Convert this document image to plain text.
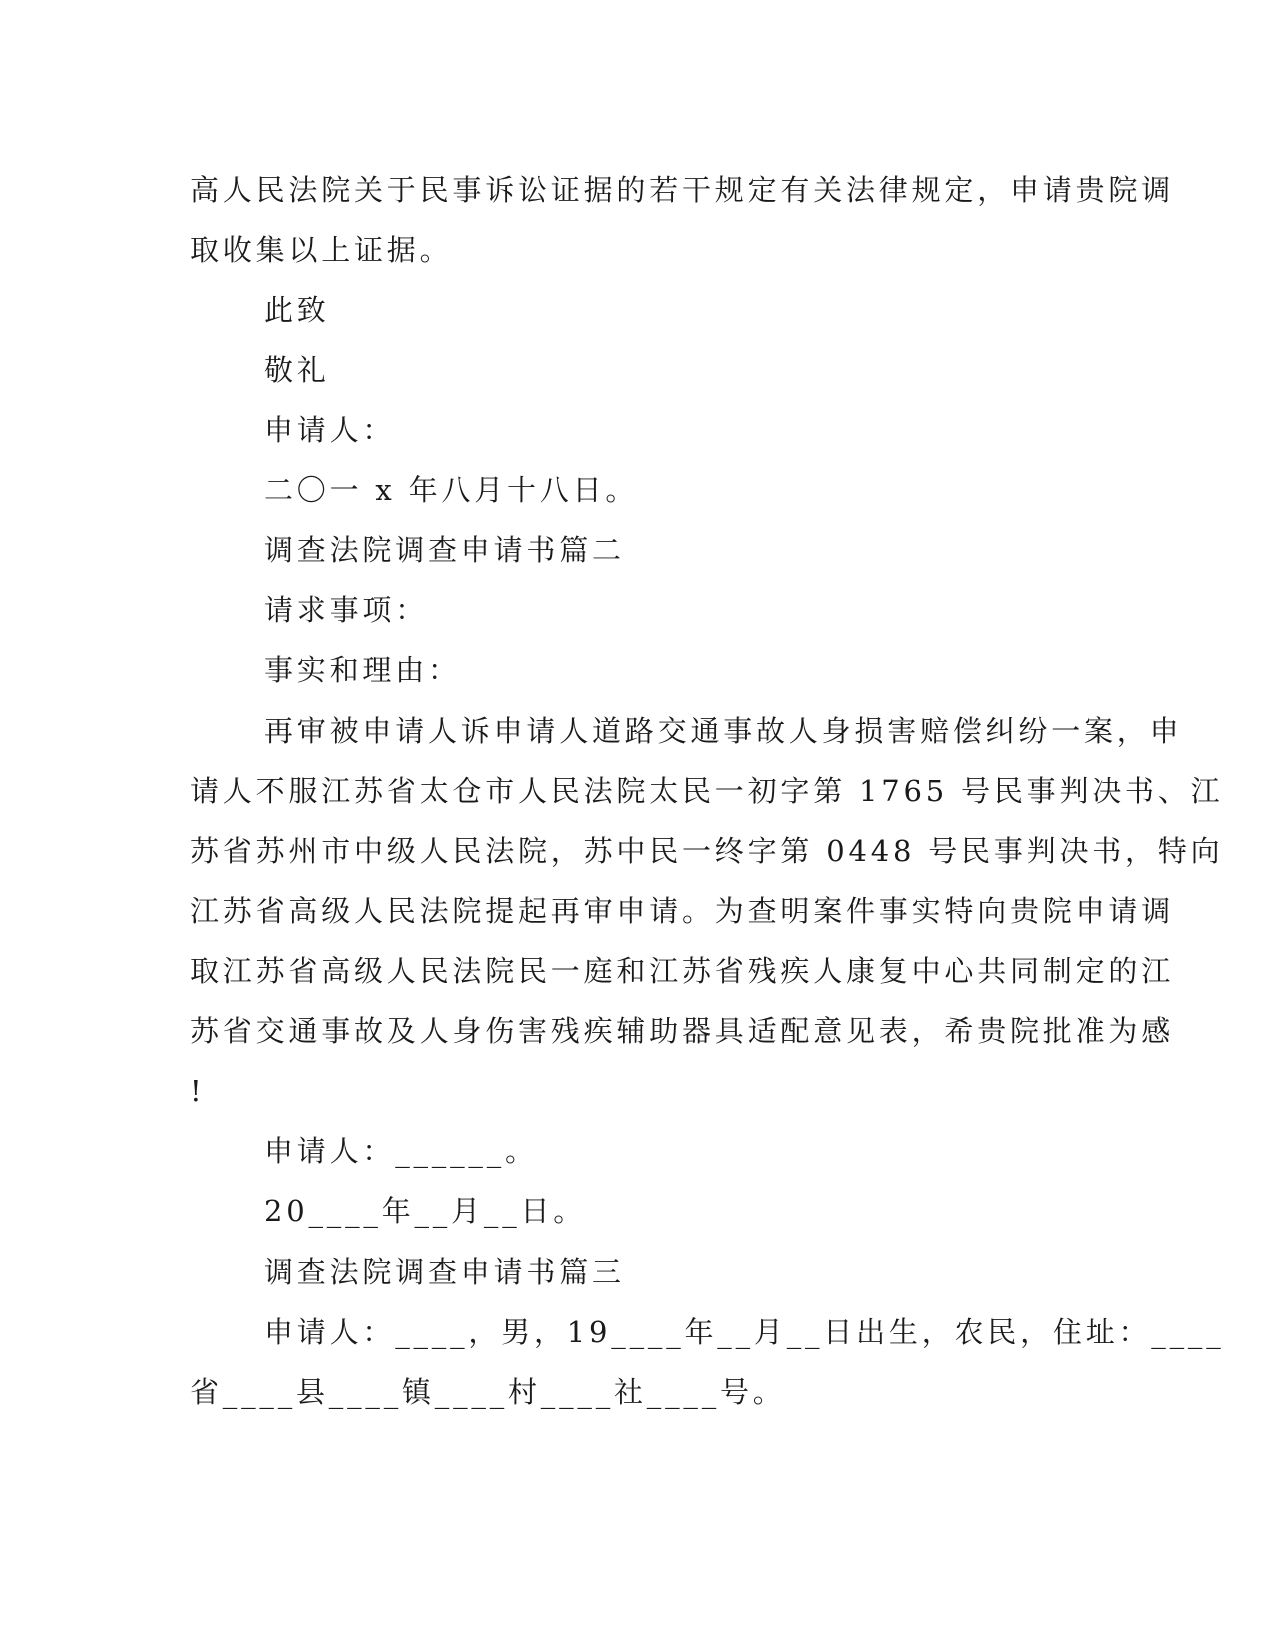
高人民法院关于民事诉讼证据的若干规定有关法律规定，申请贵院调
取收集以上证据。
此致
敬礼
申请人：
二〇一 x 年八月十八日。
调查法院调查申请书篇二
请求事项：
事实和理由：
再审被申请人诉申请人道路交通事故人身损害赔偿纠纷一案，申
请人不服江苏省太仓市人民法院太民一初字第 1765 号民事判决书、江
苏省苏州市中级人民法院，苏中民一终字第 0448 号民事判决书，特向
江苏省高级人民法院提起再审申请。为查明案件事实特向贵院申请调
取江苏省高级人民法院民一庭和江苏省残疾人康复中心共同制定的江
苏省交通事故及人身伤害残疾辅助器具适配意见表，希贵院批准为感
!
申请人：______。
20____年__月__日。
调查法院调查申请书篇三
申请人：____，男，19____年__月__日出生，农民，住址：____
省____县____镇____村____社____号。
